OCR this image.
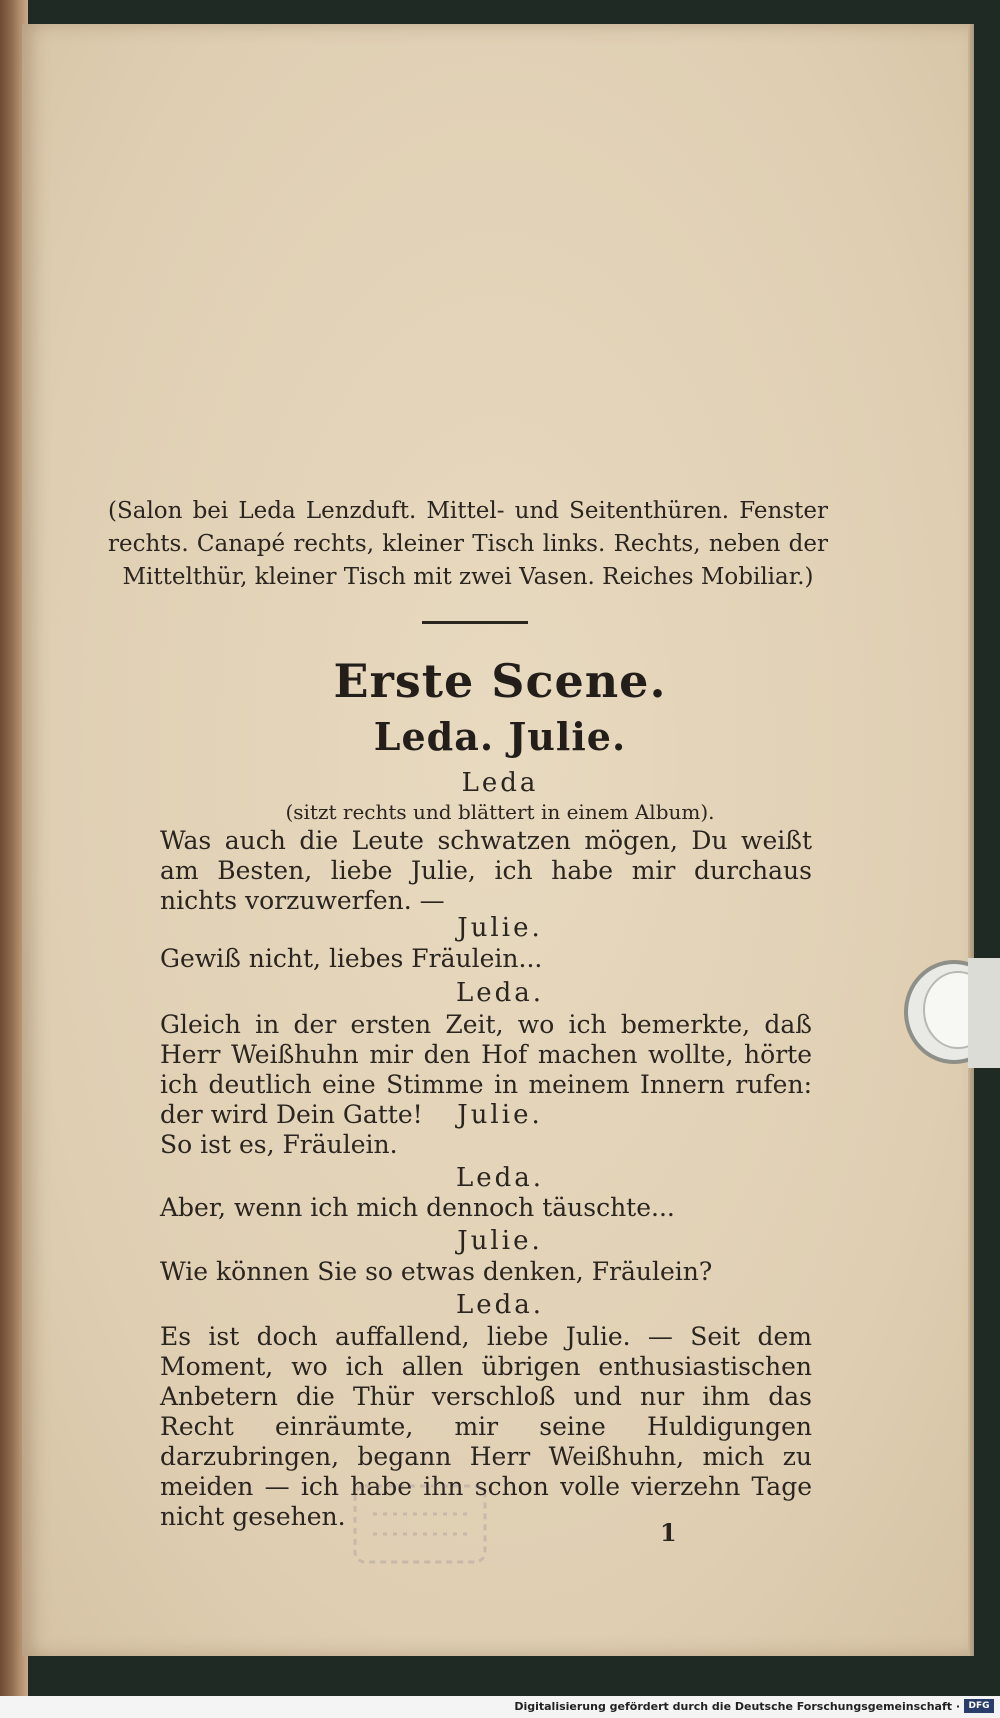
(Salon bei Leda Lenzduft. Mittel- und Seitenthüren. Fenster rechts. Canapé rechts, kleiner Tisch links. Rechts, neben der Mittelthür, kleiner Tisch mit zwei Vasen. Reiches Mobiliar.)
Erste Scene.
Leda. Julie.
Leda
(sitzt rechts und blättert in einem Album).
Was auch die Leute schwatzen mögen, Du weißt am Besten, liebe Julie, ich habe mir durchaus nichts vorzuwerfen. —
Julie.
Gewiß nicht, liebes Fräulein...
Leda.
Gleich in der ersten Zeit, wo ich bemerkte, daß Herr Weißhuhn mir den Hof machen wollte, hörte ich deutlich eine Stimme in meinem Innern rufen: der wird Dein Gatte!	Julie.
So ist es, Fräulein.
Leda.
Aber, wenn ich mich dennoch täuschte...
Julie.
Wie können Sie so etwas denken, Fräulein?
Leda.
Es ist doch auffallend, liebe Julie. — Seit dem Moment, wo ich allen übrigen enthusiastischen Anbetern die Thür verschloß und nur ihm das Recht einräumte, mir seine Huldigungen darzubringen, begann Herr Weißhuhn, mich zu meiden — ich habe ihn schon volle vierzehn Tage nicht gesehen.
1
Digitalisierung gefördert durch die Deutsche Forschungsgemeinschaft · DFG
